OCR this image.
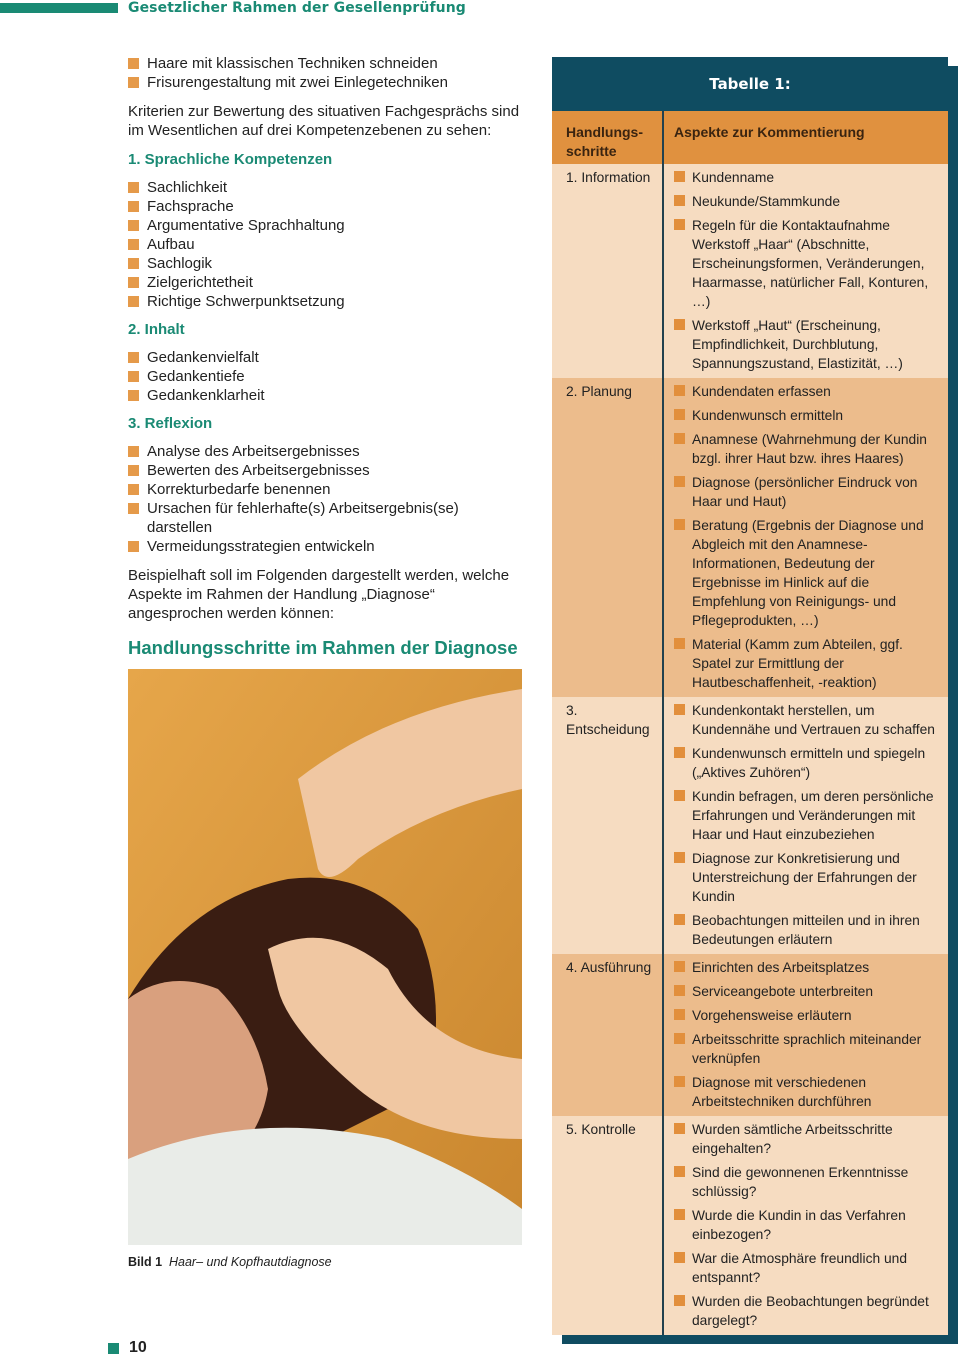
Gesetzlicher Rahmen der Gesellenprüfung
Haare mit klassischen Techniken schneiden
Frisurengestaltung mit zwei Einlegetechniken

Kriterien zur Bewertung des situativen Fachgesprächs sind im Wesentlichen auf drei Kompetenzebenen zu sehen:

1. Sprachliche Kompetenzen
Sachlichkeit
Fachsprache
Argumentative Sprachhaltung
Aufbau
Sachlogik
Zielgerichtetheit
Richtige Schwerpunktsetzung
2. Inhalt
Gedankenvielfalt
Gedankentiefe
Gedankenklarheit
3. Reflexion
Analyse des Arbeitsergebnisses
Bewerten des Arbeitsergebnisses
Korrekturbedarfe benennen
Ursachen für fehlerhafte(s) Arbeitsergebnis(se) darstellen
Vermeidungsstrategien entwickeln

Beispielhaft soll im Folgenden dargestellt werden, welche Aspekte im Rahmen der Handlung „Diagnose“ angesprochen werden können:

Handlungsschritte im Rahmen der Diagnose
Bild 1 Haar– und Kopfhautdiagnose
Tabelle 1:
Handlungs- schritte
Aspekte zur Kommentierung
1. Information	Kundenname
Neukunde/Stammkunde
Regeln für die Kontaktaufnahme Werkstoff „Haar“ (Abschnitte, Erscheinungsformen, Veränderungen, Haarmasse, natürlicher Fall, Konturen, …)
Werkstoff „Haut“ (Erscheinung, Empfindlichkeit, Durchblutung, Spannungszustand, Elastizität, …)
2. Planung	Kundendaten erfassen
Kundenwunsch ermitteln
Anamnese (Wahrnehmung der Kundin bzgl. ihrer Haut bzw. ihres Haares)
Diagnose (persönlicher Eindruck von Haar und Haut)
Beratung (Ergebnis der Diagnose und Abgleich mit den Anamnese-Informationen, Bedeutung der Ergebnisse im Hinlick auf die Empfehlung von Reinigungs- und Pflegeprodukten, …)
Material (Kamm zum Abteilen, ggf. Spatel zur Ermittlung der Hautbeschaffenheit, -reaktion)
3. Entscheidung
Kundenkontakt herstellen, um Kundennähe und Vertrauen zu schaffen
Kundenwunsch ermitteln und spiegeln („Aktives Zuhören“)
Kundin befragen, um deren persönliche Erfahrungen und Veränderungen mit Haar und Haut einzubeziehen
Diagnose zur Konkretisierung und Unterstreichung der Erfahrungen der Kundin
Beobachtungen mitteilen und in ihren Bedeutungen erläutern
4. Ausführung	Einrichten des Arbeitsplatzes
Serviceangebote unterbreiten
Vorgehensweise erläutern
Arbeitsschritte sprachlich miteinander verknüpfen
Diagnose mit verschiedenen Arbeitstechniken durchführen
5. Kontrolle	Wurden sämtliche Arbeitsschritte eingehalten?
Sind die gewonnenen Erkenntnisse schlüssig?
Wurde die Kundin in das Verfahren einbezogen?
War die Atmosphäre freundlich und entspannt?
Wurden die Beobachtungen begründet dargelegt?
10
